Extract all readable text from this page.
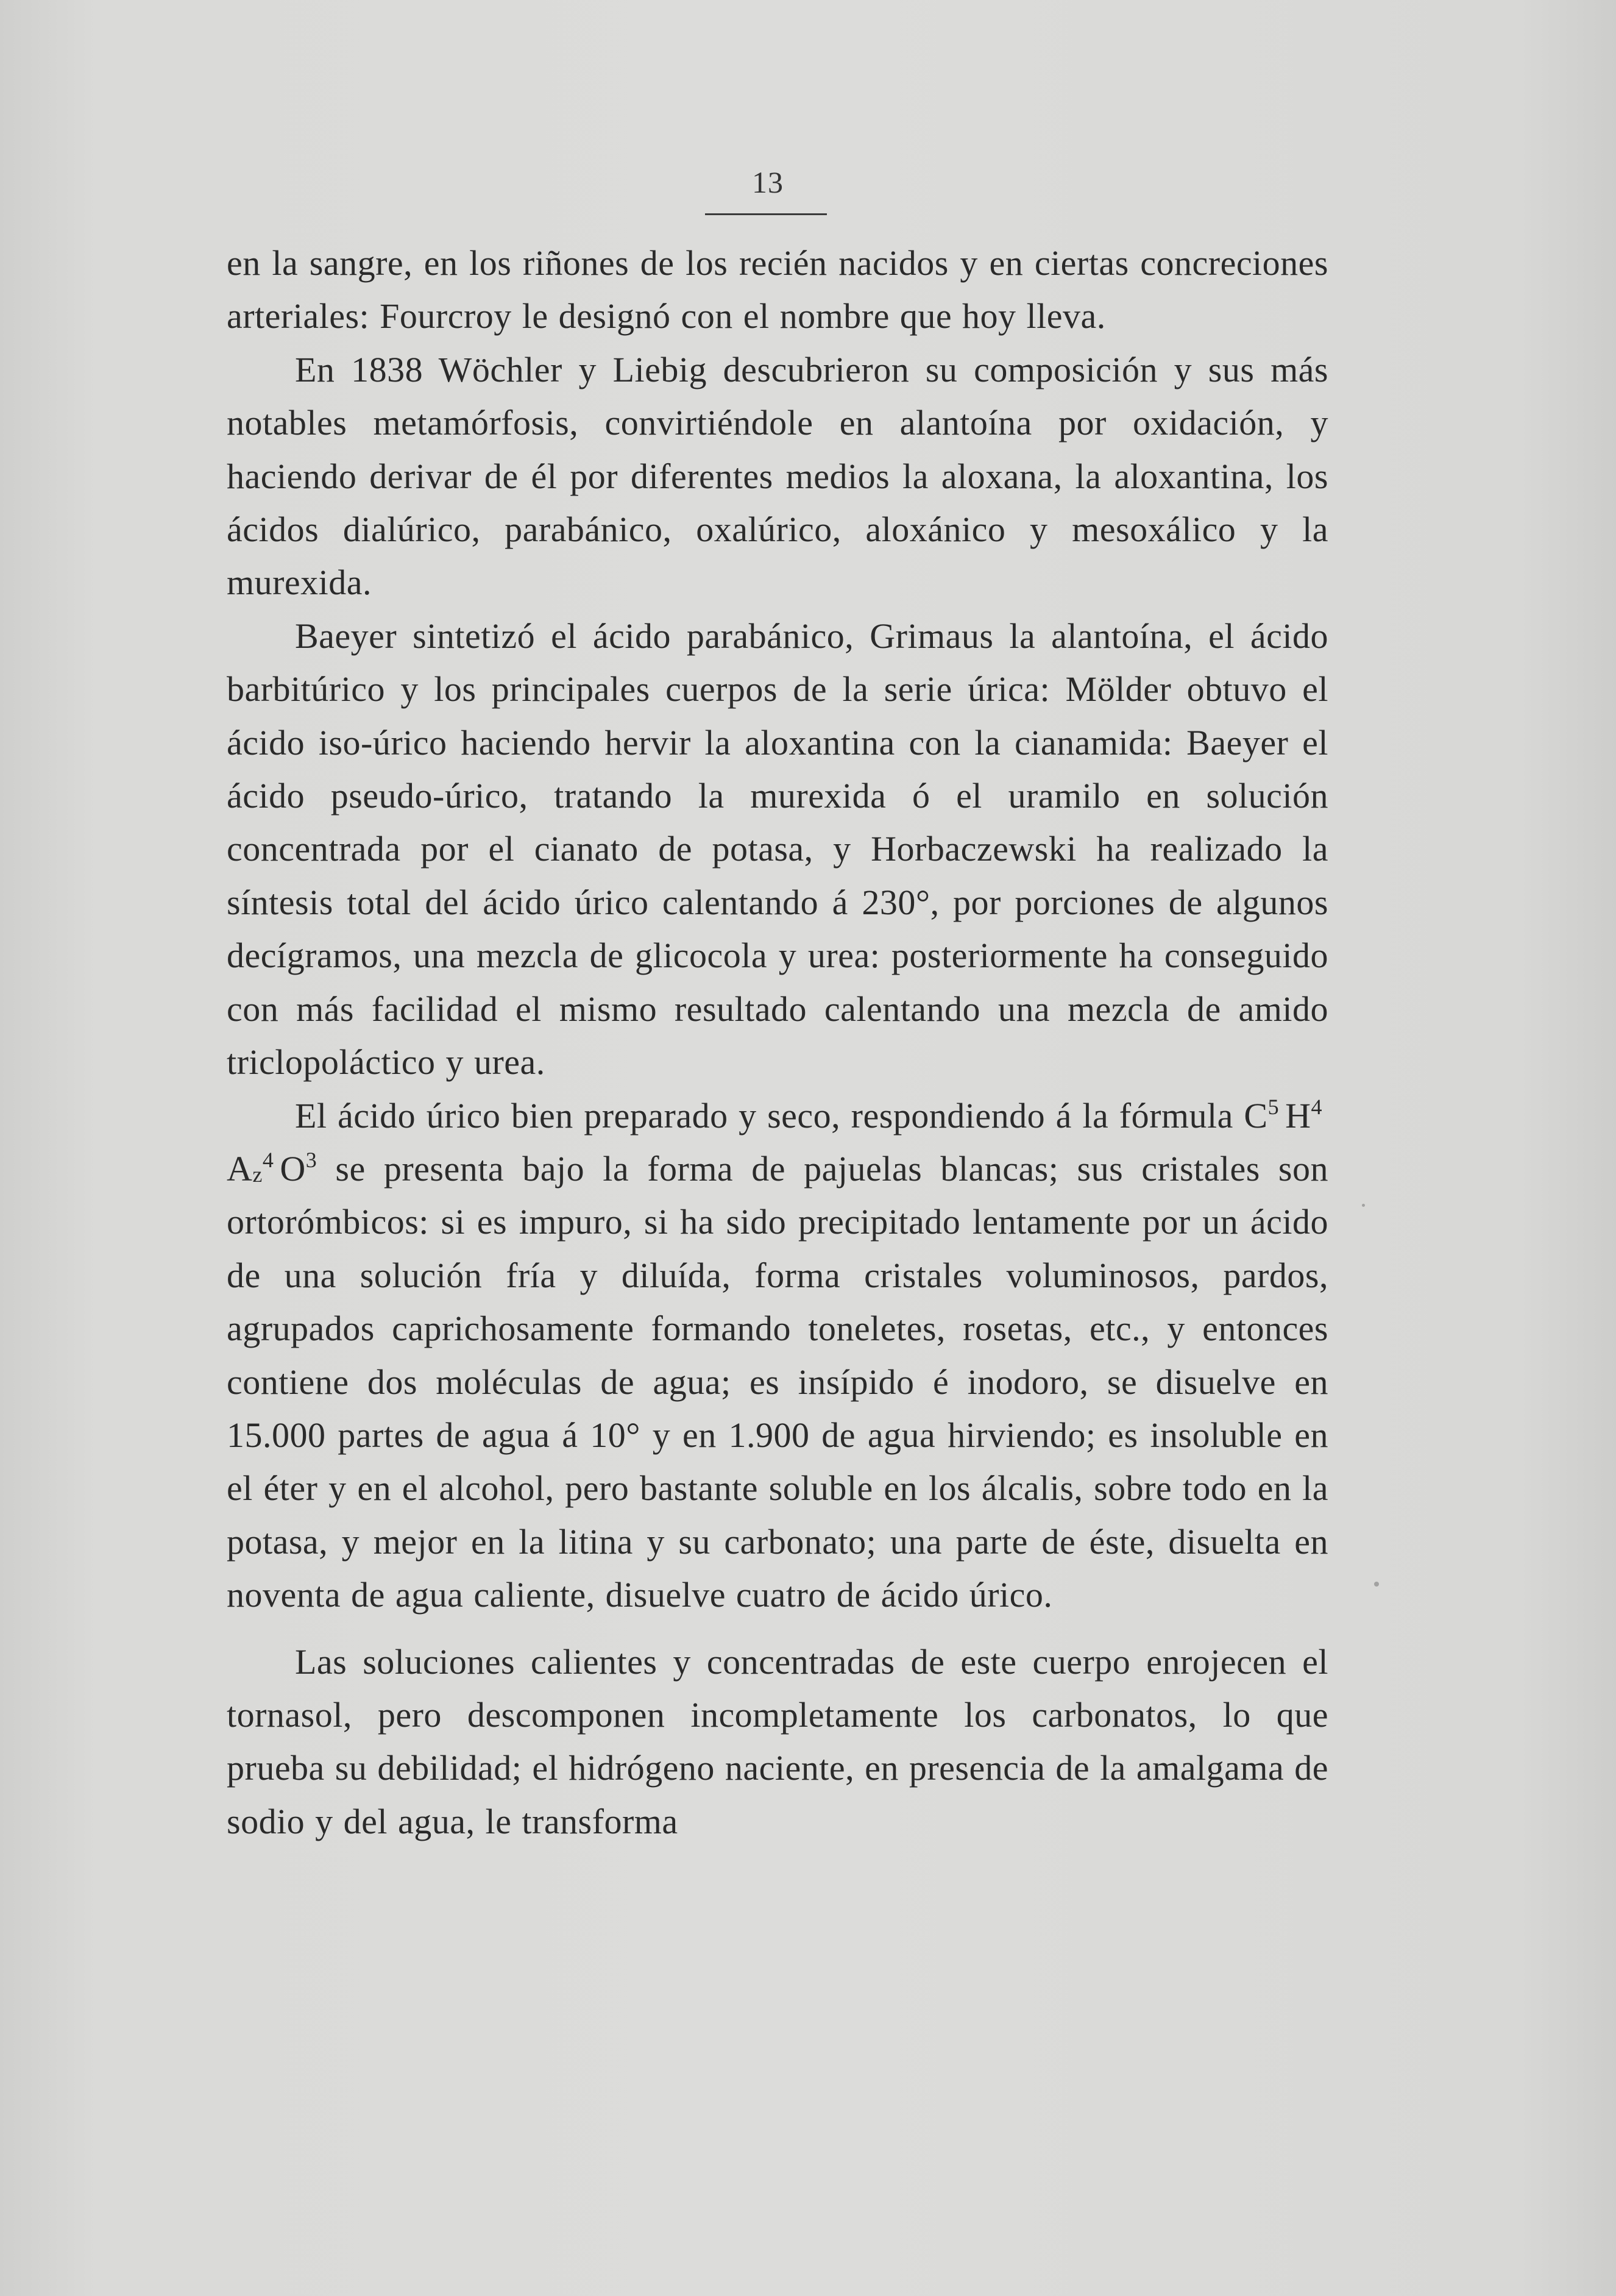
13

en la sangre, en los riñones de los recién nacidos y en ciertas concreciones arteriales: Fourcroy le designó con el nombre que hoy lleva.

En 1838 Wöchler y Liebig descubrieron su composición y sus más notables metamórfosis, convirtiéndole en alantoína por oxidación, y haciendo derivar de él por diferentes medios la aloxana, la aloxantina, los ácidos dialúrico, parabánico, oxalúrico, aloxánico y mesoxálico y la murexida.

Baeyer sintetizó el ácido parabánico, Grimaus la alantoína, el ácido barbitúrico y los principales cuerpos de la serie úrica: Mölder obtuvo el ácido iso-úrico haciendo hervir la aloxantina con la cianamida: Baeyer el ácido pseudo-úrico, tratando la murexida ó el uramilo en solución concentrada por el cianato de potasa, y Horbaczewski ha realizado la síntesis total del ácido úrico calentando á 230°, por porciones de algunos decígramos, una mezcla de glicocola y urea: posteriormente ha conseguido con más facilidad el mismo resultado calentando una mezcla de amido triclороláctico y urea.

El ácido úrico bien preparado y seco, respondiendo á la fórmula $C^5$ $H^4Az^4$ $O^3$ se presenta bajo la forma de pajuelas blancas; sus cristales son ortorómbicos: si es impuro, si ha sido precipitado lentamente por un ácido de una solución fría y diluída, forma cristales voluminosos, pardos, agrupados caprichosamente formando toneletes, rosetas, etc., y entonces contiene dos moléculas de agua; es insípido é inodoro, se disuelve en 15.000 partes de agua á 10° y en 1.900 de agua hirviendo; es insoluble en el éter y en el alcohol, pero bastante soluble en los álcalis, sobre todo en la potasa, y mejor en la litina y su carbonato; una parte de éste, disuelta en noventa de agua caliente, disuelve cuatro de ácido úrico.

Las soluciones calientes y concentradas de este cuerpo enrojecen el tornasol, pero descomponen incompletamente los carbonatos, lo que prueba su debilidad; el hidrógeno naciente, en presencia de la amalgama de sodio y del agua, le transforma
